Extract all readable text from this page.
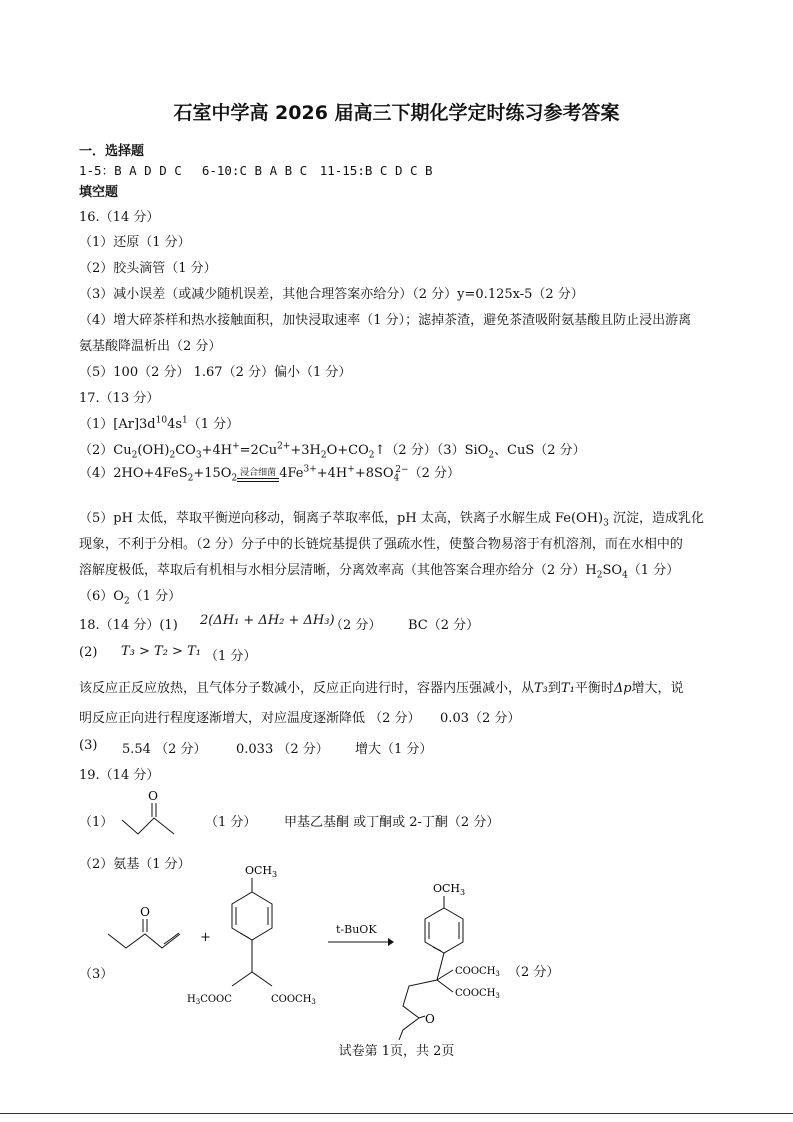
石室中学高 2026 届高三下期化学定时练习参考答案
一．选择题
1-5：B A D D C　 6-10:C B A B C　11-15:B C D C B
填空题
16.（14 分）
（1）还原（1 分）
（2）胶头滴管（1 分）
（3）减小误差（或减少随机误差，其他合理答案亦给分）（2 分）y=0.125x-5（2 分）
（4）增大碎茶样和热水接触面积，加快浸取速率（1 分）；滤掉茶渣，避免茶渣吸附氨基酸且防止浸出游离
氨基酸降温析出（2 分）
（5）100（2 分） 1.67（2 分）偏小（1 分）
17.（13 分）
$(1)[Ar]3d^{10}4s^1(1$ 分）
$(2)Cu_2(OH)_2CO_3+4H^+=2Cu^{2+}+3H_2O+CO_2↑(2$ 分）（3）SiO$_2$、CuS（2 分）
$(4)2HO+4FeS_2+15O_2$
浸合细菌 $4Fe^{3+}+4H^++8SO_4^{2-}(2$ 分）
（5）pH 太低，萃取平衡逆向移动，铜离子萃取率低，pH 太高，铁离子水解生成 $Fe(OH)_3$ 沉淀，造成乳化
现象，不利于分相。（2 分）分子中的长链烷基提供了强疏水性，使螯合物易溶于有机溶剂，而在水相中的
溶解度极低，萃取后有机相与水相分层清晰，分离效率高（其他答案合理亦给分（2 分）$H_2SO_4(1$ 分）
$(6)O_2(1$ 分）
18.（14 分）(1) 2(ΔH₁ + ΔH₂ + ΔH₃)
（2 分） BC（2 分）
(2) T₃ > T₂ > T₁ （1 分）
该反应正反应放热，且气体分子数减小，反应正向进行时，容器内压强减小，从T₃到T₁平衡时Δp增大，说
明反应正向进行程度逐渐增大，对应温度逐渐降低 （2 分）　　0.03（2 分）
(3) 5.54 （2 分） 0.033 （2 分） 增大（1 分）
19.（14 分）
（1）
O
（1 分） 甲基乙基酮 或丁酮或 2-丁酮（2 分）
（2）氨基（1 分）
（3）
O
+
$OCH_3$
$H_3COOC$	$COOCH_3$
t-BuOK
$OCH_3$
$COOCH_3$
$COOCH_3$
O
（2 分）
试卷第 1页，共 2页
